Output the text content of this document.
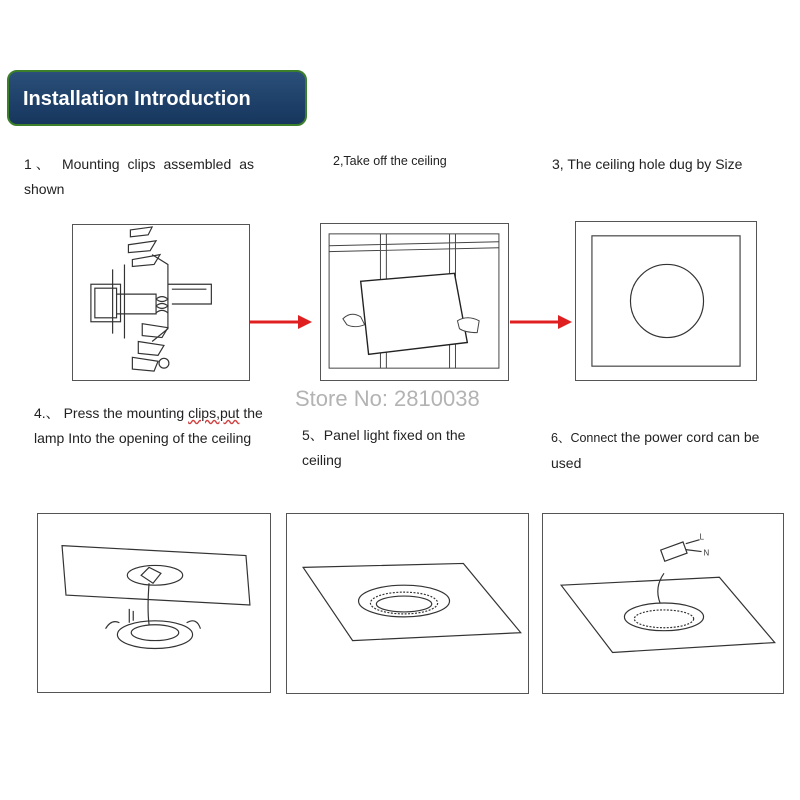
Installation Introduction
1、 Mounting clips assembled as shown
2,Take off the ceiling	3, The ceiling hole dug by Size
4.、 Press the mounting clips,put the lamp Into the opening of the ceiling	5、Panel light fixed on the ceiling
6、Connect the power cord can be used
Store No: 2810038
L
N
